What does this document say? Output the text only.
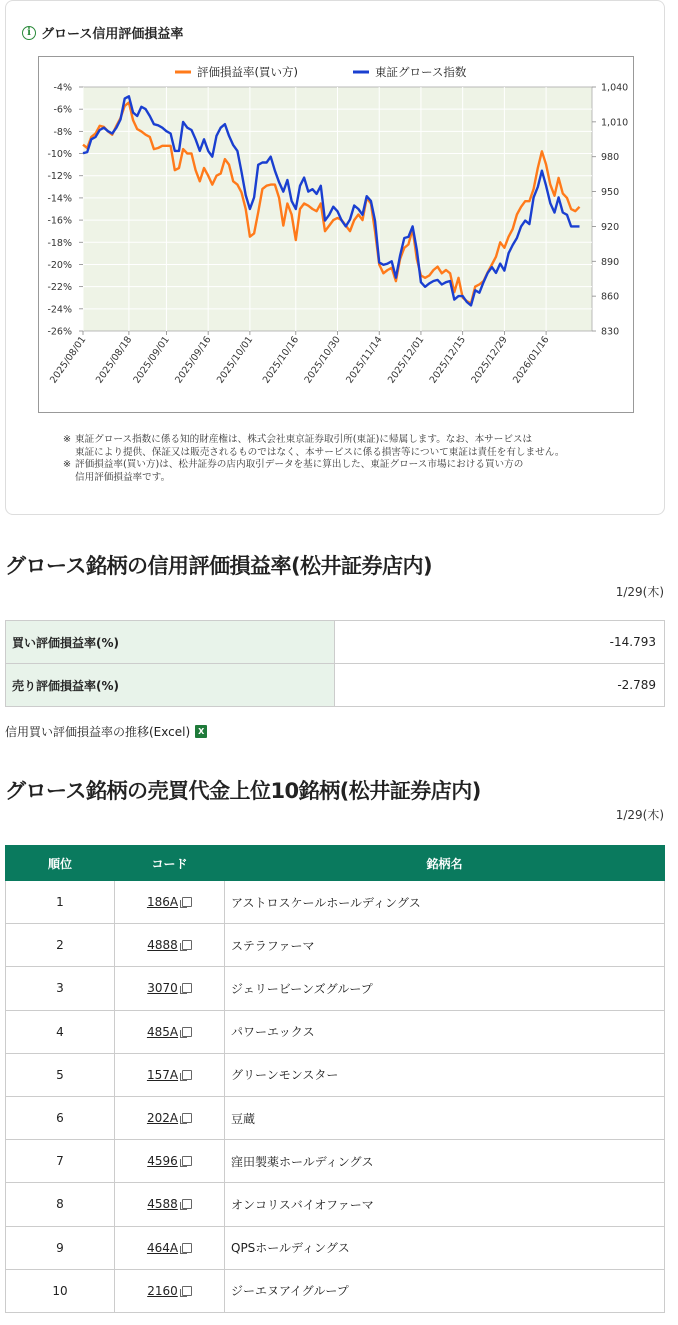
i グロース信用評価損益率
-4%
-6%
-8%
-10%
-12%
-14%
-16%
-18%
-20%
-22%
-24%
-26%
1,040
1,010
980
950
920
890
860
830
2025/08/01 2025/08/18
2025/09/01 2025/09/16 2025/10/01 2025/10/16 2025/10/30 2025/11/14 2025/12/01 2025/12/15 2025/12/29 2026/01/16
評価損益率(買い方)	東証グロース指数
※ 東証グロース指数に係る知的財産権は、株式会社東京証券取引所(東証)に帰属します。なお、本サービスは
東証により提供、保証又は販売されるものではなく、本サービスに係る損害等について東証は責任を有しません。
※ 評価損益率(買い方)は、松井証券の店内取引データを基に算出した、東証グロース市場における買い方の
信用評価損益率です。
グロース銘柄の信用評価損益率(松井証券店内)
1/29(木)
買い評価損益率(%)	-14.793
売り評価損益率(%)	-2.789
信用買い評価損益率の推移(Excel) X
グロース銘柄の売買代金上位10銘柄(松井証券店内)
1/29(木)
順位	コード	銘柄名
1	186A	アストロスケールホールディングス
2	4888	ステラファーマ
3	3070	ジェリービーンズグループ
4	485A	パワーエックス
5	157A	グリーンモンスター
6	202A	豆蔵
7	4596	窪田製薬ホールディングス
8	4588	オンコリスバイオファーマ
9	464A	QPSホールディングス
10	2160	ジーエヌアイグループ
